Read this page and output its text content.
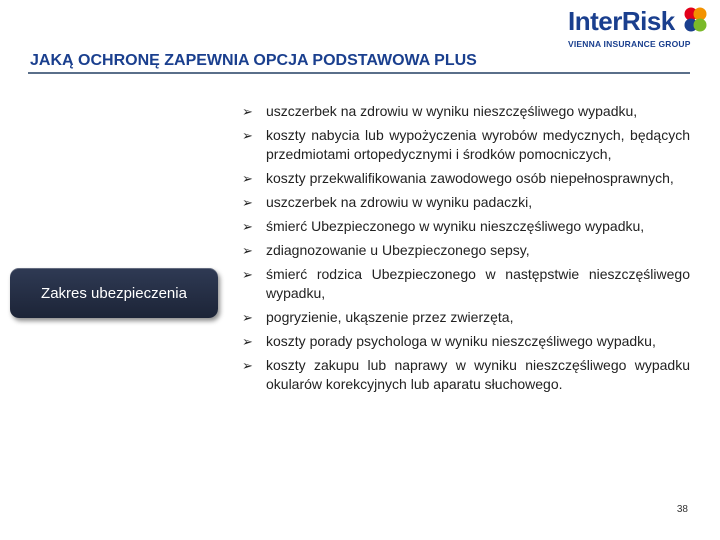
InterRisk
VIENNA INSURANCE GROUP
JAKĄ OCHRONĘ ZAPEWNIA OPCJA PODSTAWOWA PLUS
Zakres ubezpieczenia
➢ uszczerbek na zdrowiu w wyniku nieszczęśliwego wypadku,
➢ koszty nabycia lub wypożyczenia wyrobów medycznych, będących przedmiotami ortopedycznymi i środków pomocniczych,
➢ koszty przekwalifikowania zawodowego osób niepełnosprawnych,
➢ uszczerbek na zdrowiu w wyniku padaczki,
➢ śmierć Ubezpieczonego w wyniku nieszczęśliwego wypadku,
➢ zdiagnozowanie u Ubezpieczonego sepsy,
➢ śmierć rodzica Ubezpieczonego w następstwie nieszczęśliwego wypadku,
➢ pogryzienie, ukąszenie przez zwierzęta,
➢ koszty porady psychologa w wyniku nieszczęśliwego wypadku,
➢ koszty zakupu lub naprawy w wyniku nieszczęśliwego wypadku okularów korekcyjnych lub aparatu słuchowego.
38
